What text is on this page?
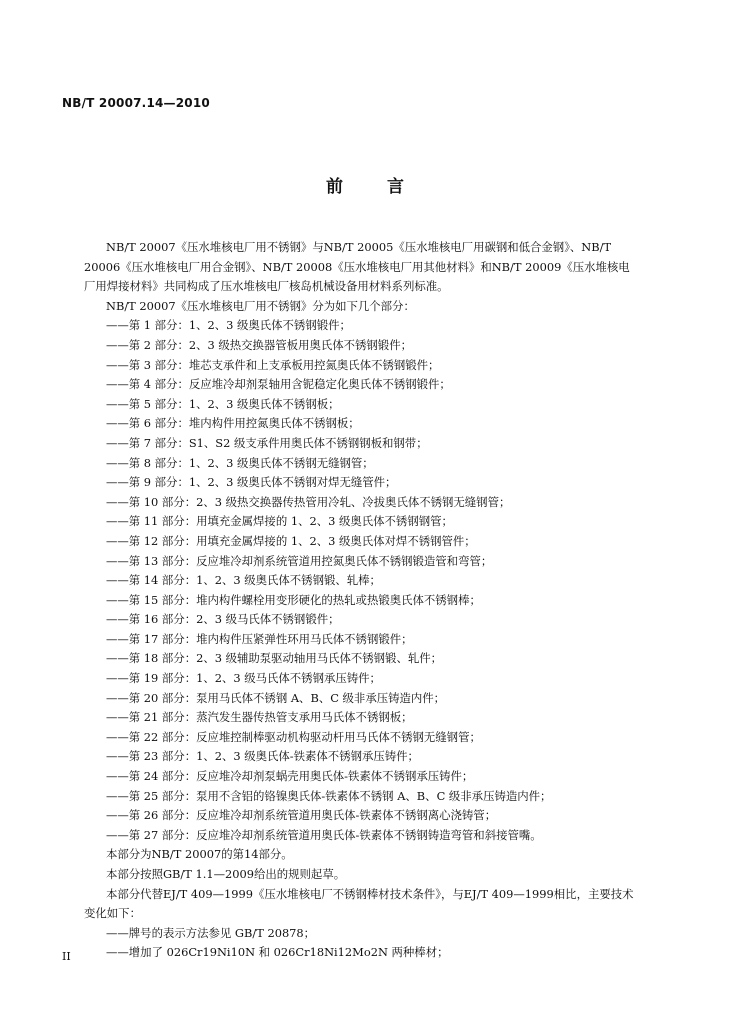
NB/T 20007.14—2010
前 言

NB/T 20007《压水堆核电厂用不锈钢》与NB/T 20005《压水堆核电厂用碳钢和低合金钢》、NB/T 20006《压水堆核电厂用合金钢》、NB/T 20008《压水堆核电厂用其他材料》和NB/T 20009《压水堆核电厂用焊接材料》共同构成了压水堆核电厂核岛机械设备用材料系列标准。

NB/T 20007《压水堆核电厂用不锈钢》分为如下几个部分：

——第 1 部分：1、2、3 级奥氏体不锈钢锻件；
——第 2 部分：2、3 级热交换器管板用奥氏体不锈钢锻件；
——第 3 部分：堆芯支承件和上支承板用控氮奥氏体不锈钢锻件；
——第 4 部分：反应堆冷却剂泵轴用含铌稳定化奥氏体不锈钢锻件；
——第 5 部分：1、2、3 级奥氏体不锈钢板；
——第 6 部分：堆内构件用控氮奥氏体不锈钢板；
——第 7 部分：S1、S2 级支承件用奥氏体不锈钢钢板和钢带；
——第 8 部分：1、2、3 级奥氏体不锈钢无缝钢管；
——第 9 部分：1、2、3 级奥氏体不锈钢对焊无缝管件；
——第 10 部分：2、3 级热交换器传热管用冷轧、冷拔奥氏体不锈钢无缝钢管；
——第 11 部分：用填充金属焊接的 1、2、3 级奥氏体不锈钢钢管；
——第 12 部分：用填充金属焊接的 1、2、3 级奥氏体对焊不锈钢管件；
——第 13 部分：反应堆冷却剂系统管道用控氮奥氏体不锈钢锻造管和弯管；
——第 14 部分：1、2、3 级奥氏体不锈钢锻、轧棒；
——第 15 部分：堆内构件螺栓用变形硬化的热轧或热锻奥氏体不锈钢棒；
——第 16 部分：2、3 级马氏体不锈钢锻件；
——第 17 部分：堆内构件压紧弹性环用马氏体不锈钢锻件；
——第 18 部分：2、3 级辅助泵驱动轴用马氏体不锈钢锻、轧件；
——第 19 部分：1、2、3 级马氏体不锈钢承压铸件；
——第 20 部分：泵用马氏体不锈钢 A、B、C 级非承压铸造内件；
——第 21 部分：蒸汽发生器传热管支承用马氏体不锈钢板；
——第 22 部分：反应堆控制棒驱动机构驱动杆用马氏体不锈钢无缝钢管；
——第 23 部分：1、2、3 级奥氏体-铁素体不锈钢承压铸件；
——第 24 部分：反应堆冷却剂泵蜗壳用奥氏体-铁素体不锈钢承压铸件；
——第 25 部分：泵用不含铝的铬镍奥氏体-铁素体不锈钢 A、B、C 级非承压铸造内件；
——第 26 部分：反应堆冷却剂系统管道用奥氏体-铁素体不锈钢离心浇铸管；
——第 27 部分：反应堆冷却剂系统管道用奥氏体-铁素体不锈钢铸造弯管和斜接管嘴。

本部分为NB/T 20007的第14部分。

本部分按照GB/T 1.1—2009给出的规则起草。

本部分代替EJ/T 409—1999《压水堆核电厂不锈钢棒材技术条件》，与EJ/T 409—1999相比，主要技术变化如下：

——牌号的表示方法参见 GB/T 20878；
——增加了 026Cr19Ni10N 和 026Cr18Ni12Mo2N 两种棒材；
II
